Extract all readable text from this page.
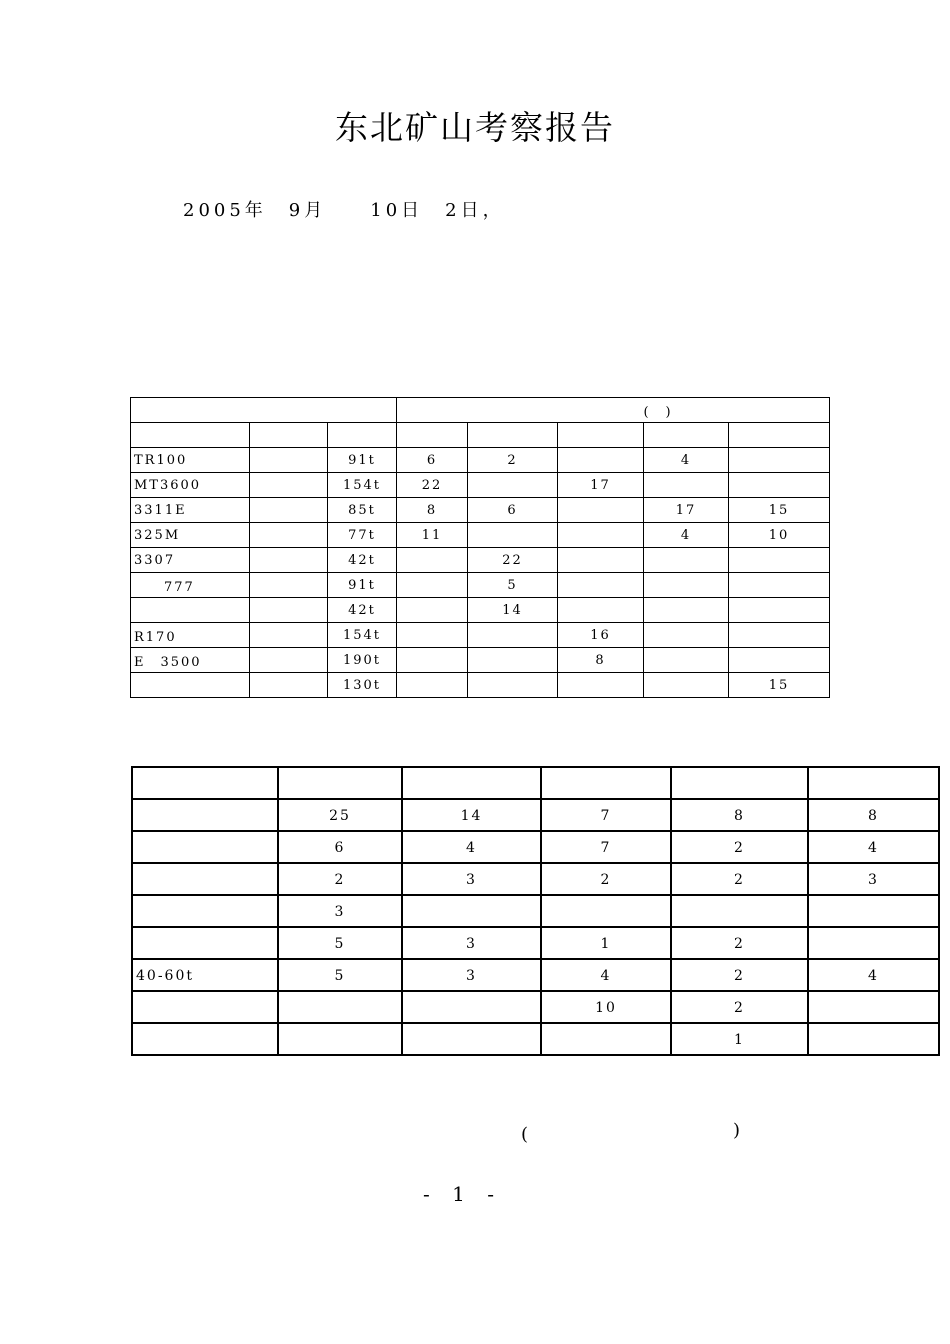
东北矿山考察报告
2005年　9月　　10日　2日，　　　　　　　　　　　　　

　　　　			　　　　　　(　)				

TR100	　　	91t	6	2		4	
MT3600	　　	154t	22		17		
3311E	　　	85t	8	6		17	15
325M	　　	77t	11			4	10
3307	　　	42t		22			
　　777　	　　	91t		5			
　　　	　　　	42t		14			
R170　　　	　　　	154t			16		
E　3500　　　	　　　	190t			8		
　　　　　　	　　　	130t					15

　　　	25　	14　	7　	8　	8　
　　	6　	4　	7　	2　	4　
　　　	2　	3　	2　	2　	3　
　　　	3　				
　　　	5　	3　	1　	2　	
40-60t　　　	5　	3　	4　	2　	4　
　　　　　　			10　	2　	
　　				1　	

(　　　　　　　　 )
- 1 -
